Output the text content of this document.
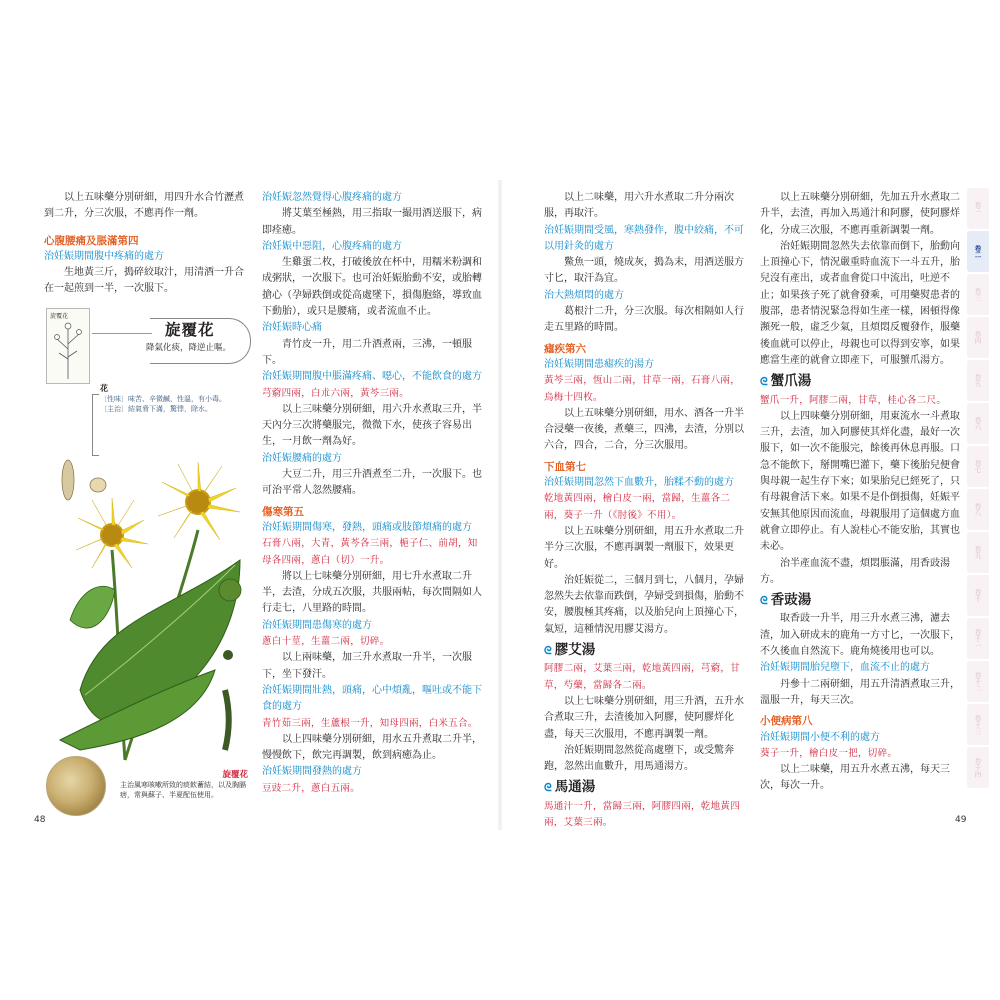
以上五味藥分別研細，用四升水合竹瀝煮到二升，分三次服，不應再作一劑。

心腹腰痛及脹滿第四

治妊娠期間腹中疼痛的處方

生地黃三斤，搗碎絞取汁，用清酒一升合在一起煎到一半，一次服下。

旋覆花
旋覆花
降氣化痰，降逆止嘔。
花
〔性味〕味苦、辛微鹹，性溫，有小毒。
〔主治〕結氣脅下滿，驚悸，除水。
旋覆花
主治風寒咳嗽所致的痰飲蓄結，以及胸膈痞，常與蘇子、半夏配伍使用。

治妊娠忽然覺得心腹疼痛的處方

將艾葉至極熱，用三指取一撮用酒送服下，病即痊癒。

治妊娠中惡阻，心腹疼痛的處方

生雞蛋二枚，打破後放在杯中，用糯米粉調和成粥狀，一次服下。也可治妊娠胎動不安，或胎轉搶心（孕婦跌倒或從高處墜下，損傷胞絡，導致血下動胎），或只是腰痛，或者流血不止。

治妊娠時心痛

青竹皮一升，用二升酒煮兩，三沸，一頓服下。

治妊娠期間腹中脹滿疼痛、噁心，不能飲食的處方

芎藭四兩，白朮六兩，黃芩三兩。

以上三味藥分別研細，用六升水煮取三升，半天內分三次將藥服完，微微下水，使孩子容易出生，一月飲一劑為好。

治妊娠腰痛的處方

大豆二升，用三升酒煮至二升，一次服下。也可治平常人忽然腰痛。

傷寒第五

治妊娠期間傷寒，發熱，頭痛或肢節煩痛的處方

石膏八兩，大青，黃芩各三兩，梔子仁、前胡，知母各四兩，蔥白（切）一升。

將以上七味藥分別研細，用七升水煮取二升半，去渣，分成五次服，共服兩帖，每次間隔如人行走七，八里路的時間。

治妊娠期間患傷寒的處方

蔥白十莖，生薑二兩，切碎。

以上兩味藥，加三升水煮取一升半，一次服下，坐下發汗。

治妊娠期間壯熱，頭痛，心中煩亂，嘔吐或不能下食的處方

青竹茹三兩，生蘆根一升，知母四兩，白米五合。

以上四味藥分別研細，用水五升煮取二升半，慢慢飲下，飲完再調製，飲到病癒為止。

治妊娠期間發熱的處方

豆豉二升，蔥白五兩。

48

以上二味藥，用六升水煮取二升分兩次服，再取汗。

治妊娠期間受風，寒熱發作，腹中絞痛，不可以用針灸的處方

鱉魚一頭，燒成灰，搗為末，用酒送服方寸匕，取汗為宜。

治大熱煩悶的處方

葛根汁二升，分三次服。每次相隔如人行走五里路的時間。

瘧疾第六

治妊娠期間患瘧疾的湯方

黃芩三兩，恆山二兩，甘草一兩，石膏八兩，烏梅十四枚。

以上五味藥分別研細，用水、酒各一升半合浸藥一夜後，煮藥三，四沸，去渣，分別以六合，四合，二合，分三次服用。

下血第七

治妊娠期間忽然下血數升，胎糅不動的處方

乾地黃四兩，檜白皮一兩，當歸，生薑各二兩，葵子一升（《肘後》不用）。

以上五味藥分別研細，用五升水煮取二升半分三次服，不應再調製一劑服下，效果更好。

治妊娠從二，三個月到七，八個月，孕婦忽然失去依靠而跌倒，孕婦受到損傷，胎動不安，腰腹極其疼痛，以及胎兒向上頂撞心下，氣短，這種情況用膠艾湯方。

ᘓ 膠艾湯

阿膠二兩，艾葉三兩，乾地黃四兩，芎藭，甘草，芍藥，當歸各二兩。

以上七味藥分別研細，用三升酒，五升水合煮取三升，去渣後加入阿膠，使阿膠烊化盡，每天三次服用，不應再調製一劑。

治妊娠期間忽然從高處墮下，或受驚奔跑，忽然出血數升，用馬通湯方。

ᘓ 馬通湯

馬通汁一升，當歸三兩，阿膠四兩，乾地黃四兩，艾葉三兩。

以上五味藥分別研細，先加五升水煮取二升半，去渣，再加入馬通汁和阿膠，使阿膠烊化，分成三次服，不應再重新調製一劑。

治妊娠期間忽然失去依靠而倒下，胎動向上頂撞心下，情況嚴重時血流下一斗五升，胎兒沒有產出，或者血會從口中流出，吐逆不止；如果孩子死了就會發乘，可用藥熨患者的腹部，患者情況緊急得如生產一樣，困頓得像瀕死一般，虛乏少氣，且煩悶反覆發作，服藥後血就可以停止，母親也可以得到安寧，如果應當生產的就會立即產下，可服蟹爪湯方。

ᘓ 蟹爪湯

蟹爪一升，阿膠二兩，甘草，桂心各二尺。

以上四味藥分別研細，用東流水一斗煮取三升，去渣，加入阿膠使其烊化盡，最好一次服下，如一次不能服完，餘後再休息再服。口急不能飲下，掰開嘴巴灌下，藥下後胎兒便會與母親一起生存下來；如果胎兒已經死了，只有母親會活下來。如果不是仆倒損傷，妊娠平安無其他原因而流血，母親服用了這個處方血就會立即停止。有人說桂心不能安胎，其實也未必。

治半產血流不盡，煩悶脹滿，用香豉湯方。

ᘓ 香豉湯

取香豉一升半，用三升水煮三沸，濾去渣，加入研成末的鹿角一方寸匕，一次服下，不久後血自然流下。鹿角燒後用也可以。

治妊娠期間胎兒墮下，血流不止的處方

丹參十二兩研細，用五升清酒煮取三升，溫服一升，每天三次。

小便病第八

治妊娠期間小便不利的處方

葵子一升，檜白皮一把，切碎。

以上二味藥，用五升水煮五沸，每天三次，每次一升。

49
卷一
卷二
卷三
卷四
卷五
卷六
卷七
卷八
卷九
卷十
卷十一
卷十二
卷十三
卷十四
